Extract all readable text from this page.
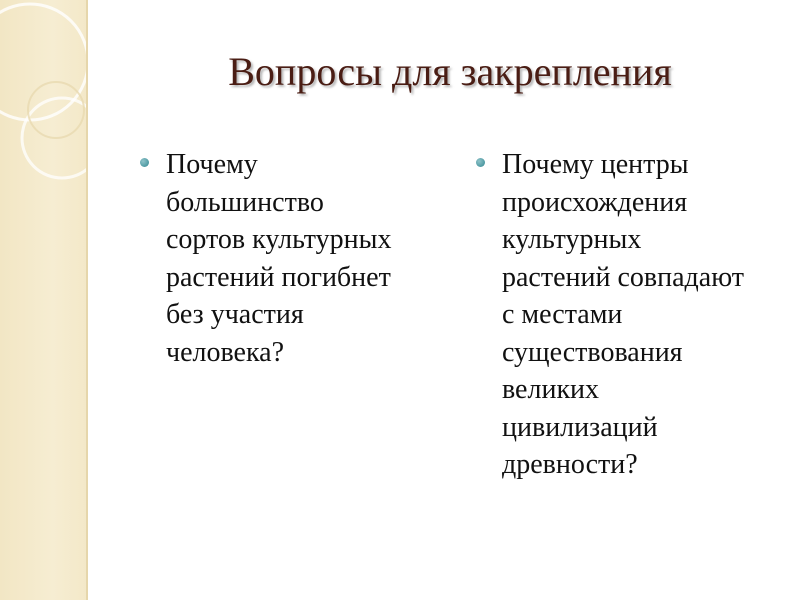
Вопросы для закрепления
Почему
большинство
сортов культурных
растений погибнет
без участия
человека?
Почему центры
происхождения
культурных
растений совпадают
с местами
существования
великих
цивилизаций
древности?
